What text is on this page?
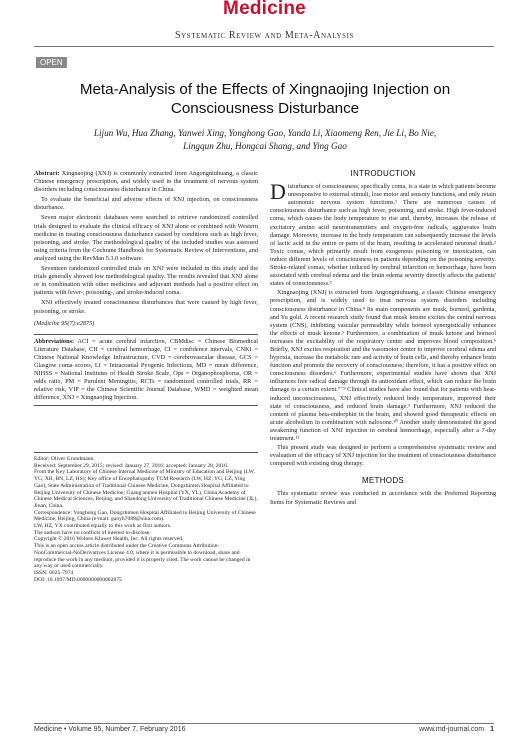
Medicine
Systematic Review and Meta-Analysis
OPEN
Meta-Analysis of the Effects of Xingnaojing Injection on Consciousness Disturbance
Lijun Wu, Hua Zhang, Yanwei Xing, Yonghong Gao, Yanda Li, Xiaomeng Ren, Jie Li, Bo Nie,
Lingqun Zhu, Hongcai Shang, and Ying Gao

Abstract: Xingnaojing (XNJ) is commonly extracted from Angongniuhuang, a classic Chinese emergency prescription, and widely used in the treatment of nervous system disorders including consciousness disturbance in China.

To evaluate the beneficial and adverse effects of XNJ injection, on consciousness disturbance.

Seven major electronic databases were searched to retrieve randomized controlled trials designed to evaluate the clinical efficacy of XNJ alone or combined with Western medicine in treating consciousness disturbance caused by conditions such as high fever, poisoning, and stroke. The methodological quality of the included studies was assessed using criteria from the Cochrane Handbook for Systematic Review of Interventions, and analyzed using the RevMan 5.3.0 software.

Seventeen randomized controlled trials on XNJ were included in this study and the trials generally showed low methodological quality. The results revealed that XNJ alone or in combination with other medicines and adjuvant methods had a positive effect on patients with fever-, poisoning-, and stroke-induced coma.

XNJ effectively treated consciousness disturbances that were caused by high fever, poisoning, or stroke.

(Medicine 95(7):e2875)

Abbreviations: ACI = acute cerebral infarction, CBMdisc = Chinese Biomedical Literature Database, CH = cerebral hemorrhage, CI = confidence intervals, CNKI = Chinese National Knowledge Infrastructure, CVD = cerebrovascular disease, GCS = Glasgow coma scores, LI = Intracranial Pyogenic Infectious, MD = mean difference, NIHSS = National Institutes of Health Stroke Scale, Ops = Organophosphorus, OR = odds ratio, PM = Purulent Meningitis, RCTs = randomized controlled trials, RR = relative risk, VIP = the Chinese Scientific Journal Database, WMD = weighted mean difference, XNJ = Xingnaojing Injection.

Editor: Oliver Grundmann.

Received: September 29, 2015; revised: January 27, 2016; accepted: January 28, 2016.

From the Key Laboratory of Chinese Internal Medicine of Ministry of Education and Beijing (LW, YG, XR, BN, LZ, HS); Key office of Encephalopathy TCM Research (LW, HZ, YG, LZ, Ying Gao), State Administration of Traditional Chinese Medicine, Dongzhimen Hospital Affiliated to Beijing University of Chinese Medicine; Guang'anmen Hospital (YX, YL), China Academy of Chinese Medical Sciences, Beijing, and Shandong University of Traditional Chinese Medicine (JL), Jinan, China.

Correspondence: Yonghong Gao, Dongzhimen Hospital Affiliated to Beijing University of Chinese Medicine, Beijing, China (e-mail: gaoyh7088@sina.com).

LW, HZ, YX contributed equally to this work as first authors.

The authors have no conflicts of interest to disclose.

Copyright © 2016 Wolters Kluwer Health, Inc. All rights reserved.

This is an open access article distributed under the Creative Commons Attribution-NonCommercial-NoDerivatives License 4.0, where it is permissible to download, share and reproduce the work in any medium, provided it is properly cited. The work cannot be changed in any way or used commercially.

ISSN: 0025-7974

DOI: 10.1097/MD.0000000000002875

INTRODUCTION

Disturbance of consciousness, specifically coma, is a state in which patients become unresponsive to external stimuli, lose motor and sensory functions, and only retain autonomic nervous system functions.¹ There are numerous causes of consciousness disturbance such as high fever, poisoning, and stroke. High fever-induced coma, which causes the body temperature to rise and, thereby, increases the release of excitatory amino acid neurotransmitters and oxygen-free radicals, aggravates brain damage. Moreover, increase in the body temperature can subsequently increase the levels of lactic acid in the entire or parts of the brain, resulting in accelerated neuronal death.² Toxic comas, which primarily result from exogenous poisoning or intoxication, can induce different levels of consciousness in patients depending on the poisoning severity. Stroke-related comas, whether induced by cerebral infarction or hemorrhage, have been associated with cerebral edema and the brain edema severity directly affects the patients' states of consciousness.³

Xingnaojing (XNJ) is extracted from Angongniuhuang, a classic Chinese emergency prescription, and is widely used to treat nervous system disorders including consciousness disturbance in China.⁴ Its main components are musk, borneol, gardenia, and Yu gold. A recent research study found that musk ketone excites the central nervous system (CNS), inhibiting vascular permeability while borneol synergistically enhances the effects of musk ketone.⁵ Furthermore, a combination of musk ketone and borneol increases the excitability of the respiratory center and improves blood composition.⁶ Briefly, XNJ excites respiration and the vasomotor center to improve cerebral edema and hypoxia, increase the metabolic rate and activity of brain cells, and thereby enhance brain function and promote the recovery of consciousness; therefore, it has a positive effect on consciousness disorders.⁶ Furthermore, experimental studies have shown that XNJ influences free radical damage through its antioxidant effect, which can reduce the brain damage to a certain extent.⁷⁻⁹ Clinical studies have also found that for patients with heat-induced unconsciousness, XNJ effectively reduced body temperature, improved their state of consciousness, and reduced brain damage.³ Furthermore, XNJ reduced the content of plasma beta-endorphin in the brain, and showed good therapeutic effects on acute alcoholism in combination with naloxone.¹⁰ Another study demonstrated the good awakening function of XNJ injection in cerebral hemorrhage, especially after a 7-day treatment.¹¹

This present study was designed to perform a comprehensive systematic review and evaluation of the efficacy of XNJ injection for the treatment of consciousness disturbance compared with existing drug therapy.

METHODS

This systematic review was conducted in accordance with the Preferred Reporting Items for Systematic Reviews and

Medicine • Volume 95, Number 7, February 2016	www.md-journal.com 1
